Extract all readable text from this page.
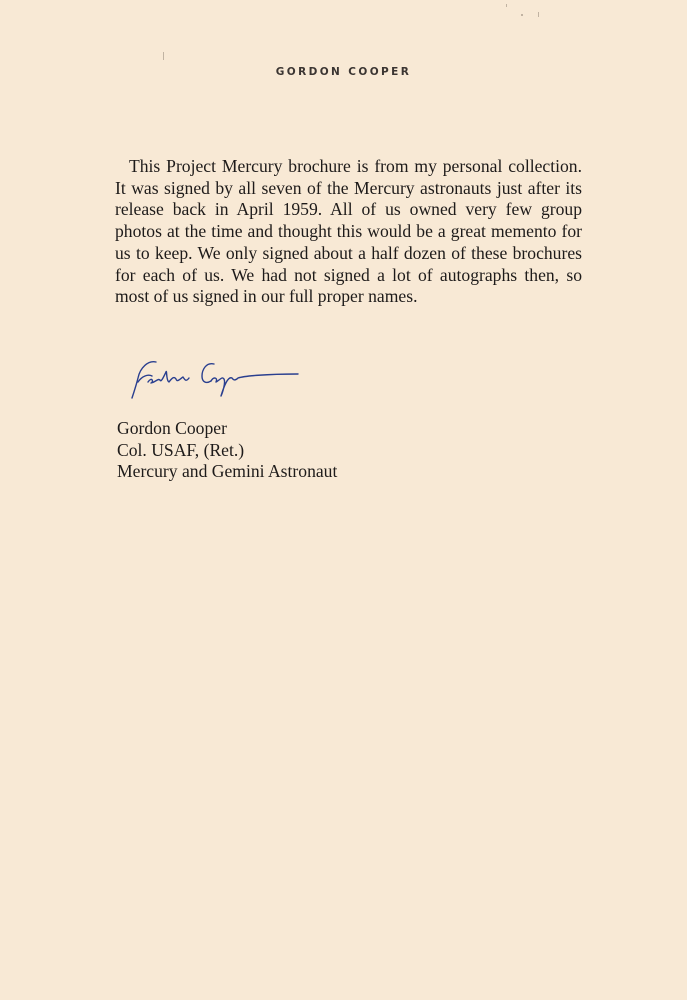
GORDON COOPER

This Project Mercury brochure is from my personal collection. It was signed by all seven of the Mercury astronauts just after its release back in April 1959. All of us owned very few group photos at the time and thought this would be a great memento for us to keep. We only signed about a half dozen of these brochures for each of us. We had not signed a lot of autographs then, so most of us signed in our full proper names.

Gordon Cooper
Col. USAF, (Ret.)
Mercury and Gemini Astronaut
